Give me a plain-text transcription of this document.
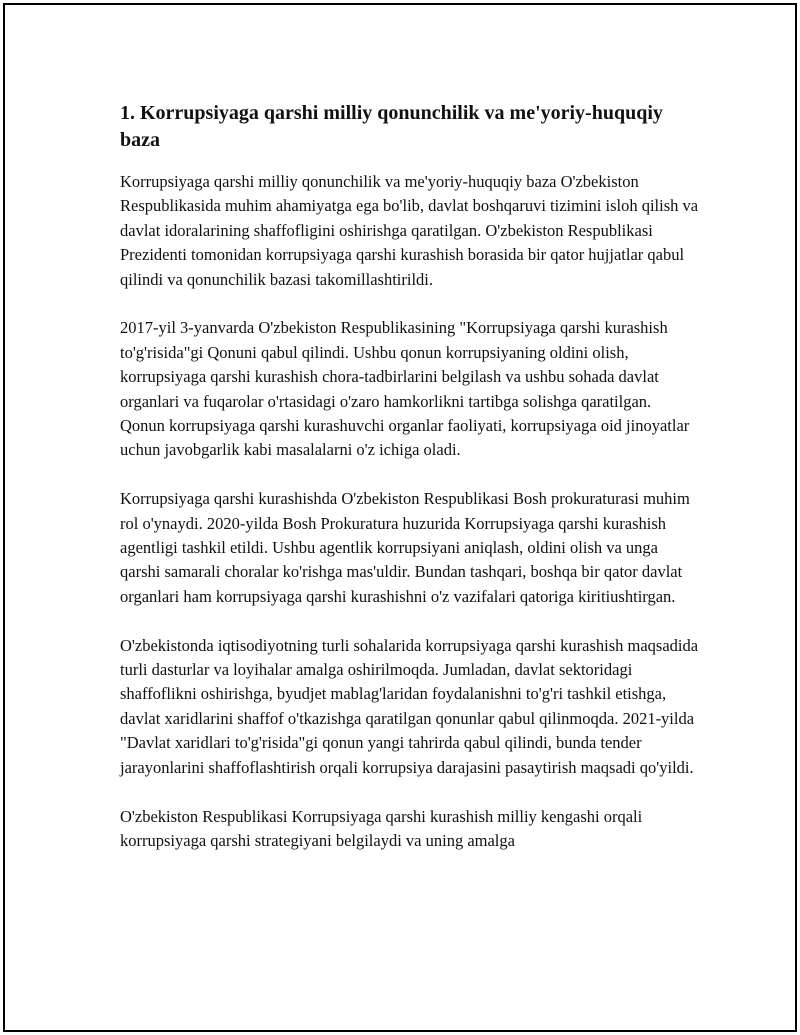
1. Korrupsiyaga qarshi milliy qonunchilik va me'yoriy-huquqiy baza

Korrupsiyaga qarshi milliy qonunchilik va me'yoriy-huquqiy baza O'zbekiston Respublikasida muhim ahamiyatga ega bo'lib, davlat boshqaruvi tizimini isloh qilish va davlat idoralarining shaffofligini oshirishga qaratilgan. O'zbekiston Respublikasi Prezidenti tomonidan korrupsiyaga qarshi kurashish borasida bir qator hujjatlar qabul qilindi va qonunchilik bazasi takomillashtirildi.

2017-yil 3-yanvarda O'zbekiston Respublikasining "Korrupsiyaga qarshi kurashish to'g'risida"gi Qonuni qabul qilindi. Ushbu qonun korrupsiyaning oldini olish, korrupsiyaga qarshi kurashish chora-tadbirlarini belgilash va ushbu sohada davlat organlari va fuqarolar o'rtasidagi o'zaro hamkorlikni tartibga solishga qaratilgan. Qonun korrupsiyaga qarshi kurashuvchi organlar faoliyati, korrupsiyaga oid jinoyatlar uchun javobgarlik kabi masalalarni o'z ichiga oladi.

Korrupsiyaga qarshi kurashishda O'zbekiston Respublikasi Bosh prokuraturasi muhim rol o'ynaydi. 2020-yilda Bosh Prokuratura huzurida Korrupsiyaga qarshi kurashish agentligi tashkil etildi. Ushbu agentlik korrupsiyani aniqlash, oldini olish va unga qarshi samarali choralar ko'rishga mas'uldir. Bundan tashqari, boshqa bir qator davlat organlari ham korrupsiyaga qarshi kurashishni o'z vazifalari qatoriga kiritiushtirgan.

O'zbekistonda iqtisodiyotning turli sohalarida korrupsiyaga qarshi kurashish maqsadida turli dasturlar va loyihalar amalga oshirilmoqda. Jumladan, davlat sektoridagi shaffoflikni oshirishga, byudjet mablag'laridan foydalanishni to'g'ri tashkil etishga, davlat xaridlarini shaffof o'tkazishga qaratilgan qonunlar qabul qilinmoqda. 2021-yilda "Davlat xaridlari to'g'risida"gi qonun yangi tahrirda qabul qilindi, bunda tender jarayonlarini shaffoflashtirish orqali korrupsiya darajasini pasaytirish maqsadi qo'yildi.

O'zbekiston Respublikasi Korrupsiyaga qarshi kurashish milliy kengashi orqali korrupsiyaga qarshi strategiyani belgilaydi va uning amalga
